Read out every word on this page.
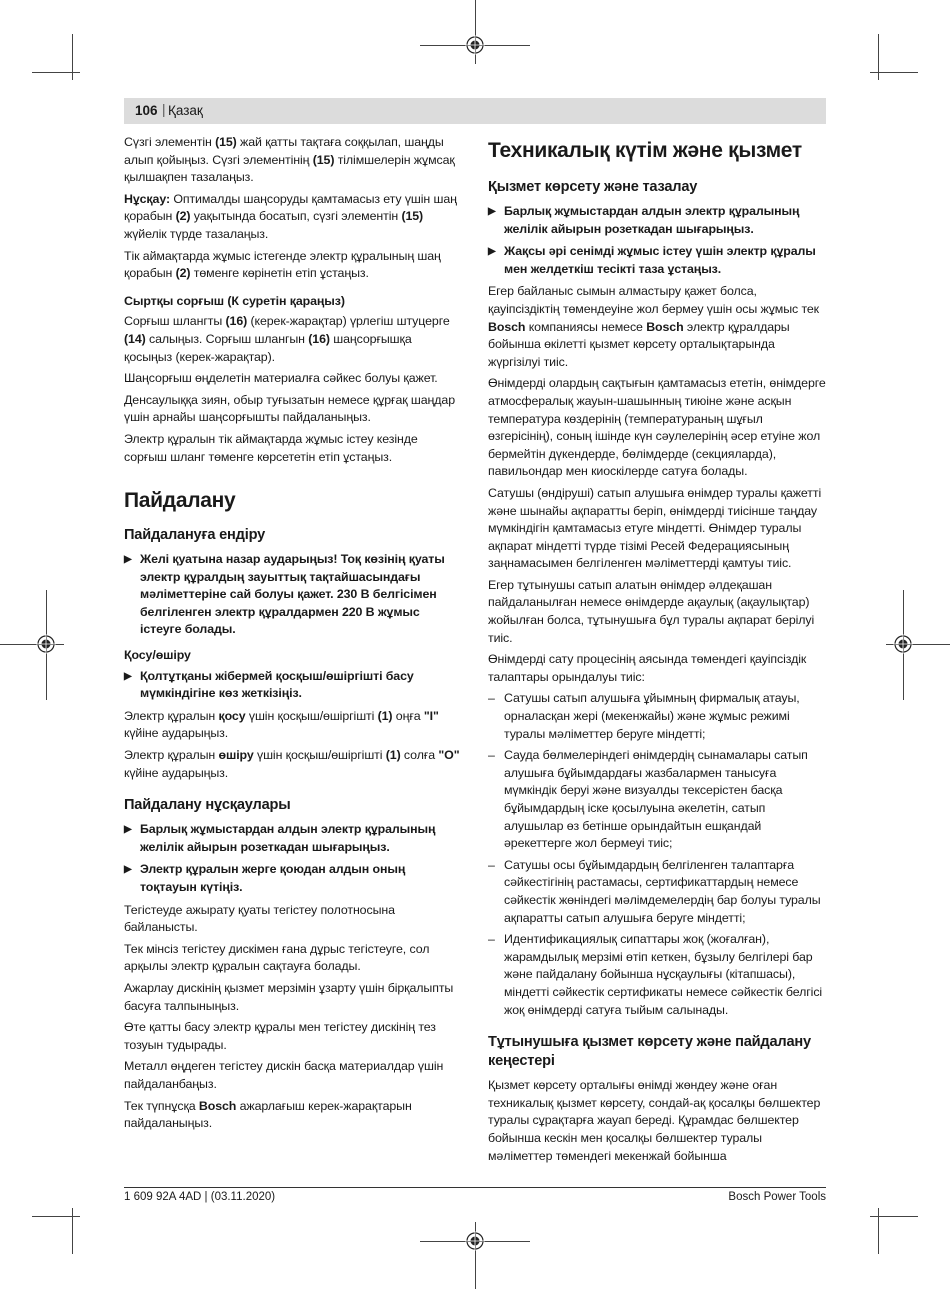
106 | Қазақ

Сүзгі элементін (15) жай қатты тақтаға соққылап, шаңды алып қойыңыз. Сүзгі элементінің (15) тілімшелерін жұмсақ қылшақпен тазалаңыз.

Нұсқау: Оптималды шаңсоруды қамтамасыз ету үшін шаң қорабын (2) уақытында босатып, сүзгі элементін (15) жүйелік түрде тазалаңыз.

Тік аймақтарда жұмыс істегенде электр құралының шаң қорабын (2) төменге көрінетін етіп ұстаңыз.

Сыртқы сорғыш (К суретін қараңыз)

Сорғыш шлангты (16) (керек-жарақтар) үрлегіш штуцерге (14) салыңыз. Сорғыш шлангын (16) шаңсорғышқа қосыңыз (керек-жарақтар).

Шаңсорғыш өңделетін материалға сәйкес болуы қажет.

Денсаулыққа зиян, обыр туғызатын немесе құрғақ шаңдар үшін арнайы шаңсорғышты пайдаланыңыз.

Электр құралын тік аймақтарда жұмыс істеу кезінде сорғыш шланг төменге көрсететін етіп ұстаңыз.

Пайдалану
Пайдалануға ендіру
▶ Желі қуатына назар аударыңыз! Тоқ көзінің қуаты электр құралдың зауыттық тақтайшасындағы мәліметтеріне сай болуы қажет. 230 В белгісімен белгіленген электр құралдармен 220 В жұмыс істеуге болады.
Қосу/өшіру
▶ Қолтұтқаны жібермей қосқыш/өшіргішті басу мүмкіндігіне көз жеткізіңіз.

Электр құралын қосу үшін қосқыш/өшіргішті (1) оңға "I" күйіне аударыңыз.

Электр құралын өшіру үшін қосқыш/өшіргішті (1) солға "O" күйіне аударыңыз.

Пайдалану нұсқаулары
▶ Барлық жұмыстардан алдын электр құралының желілік айырын розеткадан шығарыңыз.
▶ Электр құралын жерге қоюдан алдын оның тоқтауын күтіңіз.

Тегістеуде ажырату қуаты тегістеу полотносына байланысты.

Тек мінсіз тегістеу дискімен ғана дұрыс тегістеуге, сол арқылы электр құралын сақтауға болады.

Ажарлау дискінің қызмет мерзімін ұзарту үшін бірқалыпты басуға талпыныңыз.

Өте қатты басу электр құралы мен тегістеу дискінің тез тозуын тудырады.

Металл өңдеген тегістеу дискін басқа материалдар үшін пайдаланбаңыз.

Тек түпнұсқа Bosch ажарлағыш керек-жарақтарын пайдаланыңыз.

Техникалық күтім және қызмет
Қызмет көрсету және тазалау
▶ Барлық жұмыстардан алдын электр құралының желілік айырын розеткадан шығарыңыз.
▶ Жақсы әрі сенімді жұмыс істеу үшін электр құралы мен желдеткіш тесікті таза ұстаңыз.

Егер байланыс сымын алмастыру қажет болса, қауіпсіздіктің төмендеуіне жол бермеу үшін осы жұмыс тек Bosch компаниясы немесе Bosch электр құралдары бойынша өкілетті қызмет көрсету орталықтарында жүргізілуі тиіс.

Өнімдерді олардың сақтығын қамтамасыз ететін, өнімдерге атмосфералық жауын-шашынның тиюіне және асқын температура көздерінің (температураның шұғыл өзгерісінің), соның ішінде күн сәулелерінің әсер етуіне жол бермейтін дүкендерде, бөлімдерде (секцияларда), павильондар мен киоскілерде сатуға болады.

Сатушы (өндіруші) сатып алушыға өнімдер туралы қажетті және шынайы ақпаратты беріп, өнімдерді тиісінше таңдау мүмкіндігін қамтамасыз етуге міндетті. Өнімдер туралы ақпарат міндетті түрде тізімі Ресей Федерациясының заңнамасымен белгіленген мәліметтерді қамтуы тиіс.

Егер тұтынушы сатып алатын өнімдер әлдеқашан пайдаланылған немесе өнімдерде ақаулық (ақаулықтар) жойылған болса, тұтынушыға бұл туралы ақпарат берілуі тиіс.

Өнімдерді сату процесінің аясында төмендегі қауіпсіздік талаптары орындалуы тиіс:

– Сатушы сатып алушыға ұйымның фирмалық атауы, орналасқан жері (мекенжайы) және жұмыс режимі туралы мәліметтер беруге міндетті;
– Сауда бөлмелеріндегі өнімдердің сынамалары сатып алушыға бұйымдардағы жазбалармен танысуға мүмкіндік беруі және визуалды тексерістен басқа бұйымдардың іске қосылуына әкелетін, сатып алушылар өз бетінше орындайтын ешқандай әрекеттерге жол бермеуі тиіс;
– Сатушы осы бұйымдардың белгіленген талаптарға сәйкестігінің растамасы, сертификаттардың немесе сәйкестік жөніндегі мәлімдемелердің бар болуы туралы ақпаратты сатып алушыға беруге міндетті;
– Идентификациялық сипаттары жоқ (жоғалған), жарамдылық мерзімі өтіп кеткен, бұзылу белгілері бар және пайдалану бойынша нұсқаулығы (кітапшасы), міндетті сәйкестік сертификаты немесе сәйкестік белгісі жоқ өнімдерді сатуға тыйым салынады.
Тұтынушыға қызмет көрсету және пайдалану кеңестері

Қызмет көрсету орталығы өнімді жөндеу және оған техникалық қызмет көрсету, сондай-ақ қосалқы бөлшектер туралы сұрақтарға жауап береді. Құрамдас бөлшектер бойынша кескін мен қосалқы бөлшектер туралы мәліметтер төмендегі мекенжай бойынша

1 609 92A 4AD | (03.11.2020)	Bosch Power Tools
